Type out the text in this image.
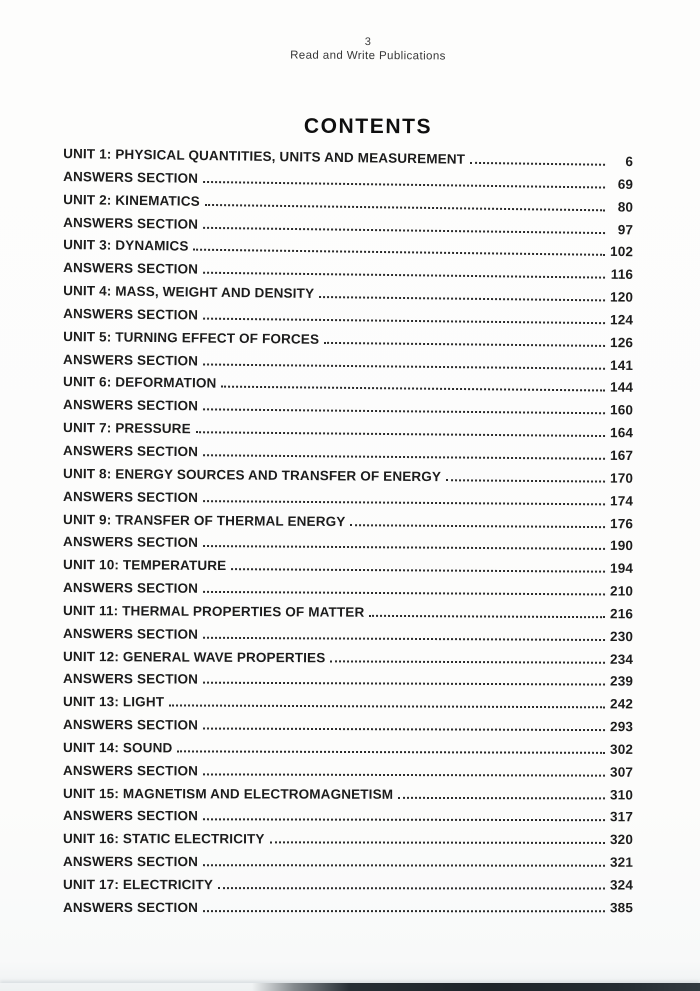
3
Read and Write Publications
CONTENTS
UNIT 1: PHYSICAL QUANTITIES, UNITS AND MEASUREMENT	6
ANSWERS SECTION	69
UNIT 2: KINEMATICS	80
ANSWERS SECTION	97
UNIT 3: DYNAMICS	102
ANSWERS SECTION	116
UNIT 4: MASS, WEIGHT AND DENSITY	120
ANSWERS SECTION	124
UNIT 5: TURNING EFFECT OF FORCES	126
ANSWERS SECTION	141
UNIT 6: DEFORMATION	144
ANSWERS SECTION	160
UNIT 7: PRESSURE	164
ANSWERS SECTION	167
UNIT 8: ENERGY SOURCES AND TRANSFER OF ENERGY	170
ANSWERS SECTION	174
UNIT 9: TRANSFER OF THERMAL ENERGY	176
ANSWERS SECTION	190
UNIT 10: TEMPERATURE	194
ANSWERS SECTION	210
UNIT 11: THERMAL PROPERTIES OF MATTER	216
ANSWERS SECTION	230
UNIT 12: GENERAL WAVE PROPERTIES	234
ANSWERS SECTION	239
UNIT 13: LIGHT	242
ANSWERS SECTION	293
UNIT 14: SOUND	302
ANSWERS SECTION	307
UNIT 15: MAGNETISM AND ELECTROMAGNETISM	310
ANSWERS SECTION	317
UNIT 16: STATIC ELECTRICITY	320
ANSWERS SECTION	321
UNIT 17: ELECTRICITY	324
ANSWERS SECTION	385
